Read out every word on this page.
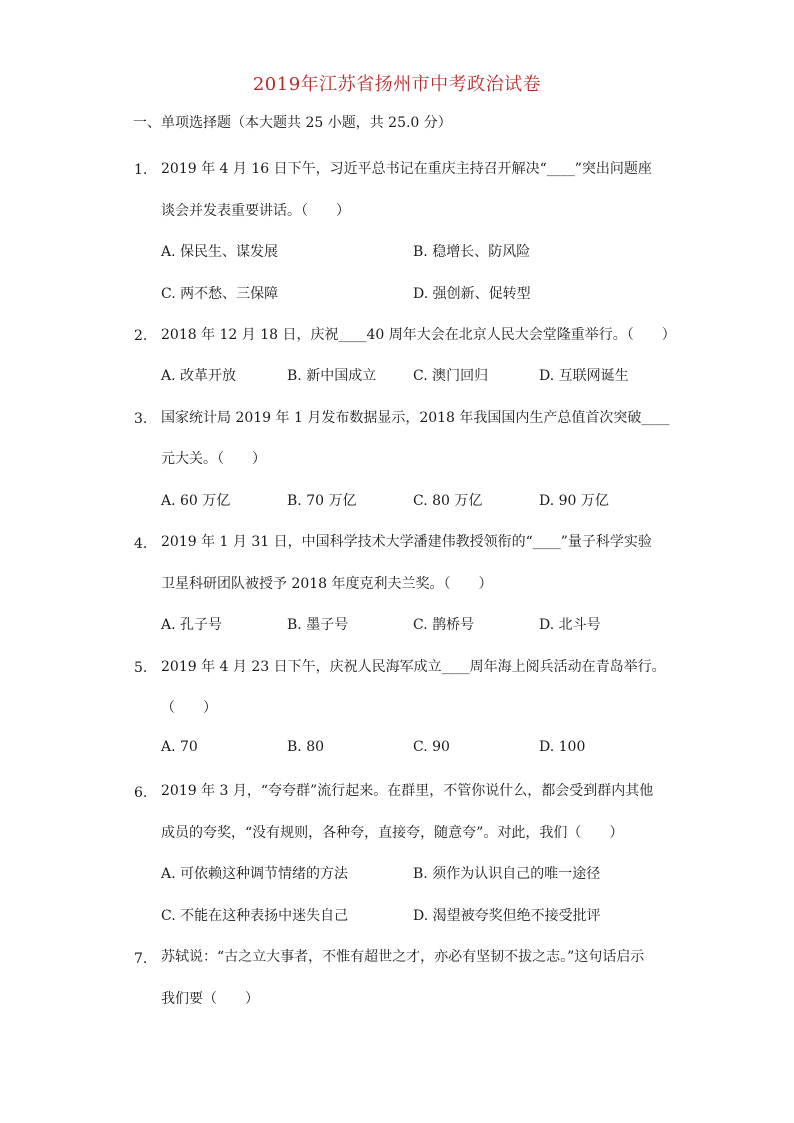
2019年江苏省扬州市中考政治试卷
一、单项选择题（本大题共 25 小题，共 25.0 分）
1. 2019 年 4 月 16 日下午，习近平总书记在重庆主持召开解决“____”突出问题座
谈会并发表重要讲话。（　　）
A. 保民生、谋发展	B. 稳增长、防风险
C. 两不愁、三保障	D. 强创新、促转型
2. 2018 年 12 月 18 日，庆祝____40 周年大会在北京人民大会堂隆重举行。（　　）
A. 改革开放	B. 新中国成立	C. 澳门回归	D. 互联网诞生
3. 国家统计局 2019 年 1 月发布数据显示，2018 年我国国内生产总值首次突破____
元大关。（　　）
A. 60 万亿	B. 70 万亿	C. 80 万亿	D. 90 万亿
4. 2019 年 1 月 31 日，中国科学技术大学潘建伟教授领衔的“____”量子科学实验
卫星科研团队被授予 2018 年度克利夫兰奖。（　　）
A. 孔子号	B. 墨子号	C. 鹊桥号	D. 北斗号
5. 2019 年 4 月 23 日下午，庆祝人民海军成立____周年海上阅兵活动在青岛举行。
（　　）
A. 70	B. 80	C. 90	D. 100
6. 2019 年 3 月，“夸夸群”流行起来。在群里，不管你说什么，都会受到群内其他
成员的夸奖，“没有规则，各种夸，直接夸，随意夸”。对此，我们（　　）
A. 可依赖这种调节情绪的方法	B. 须作为认识自己的唯一途径
C. 不能在这种表扬中迷失自己	D. 渴望被夸奖但绝不接受批评
7. 苏轼说：“古之立大事者，不惟有超世之才，亦必有坚韧不拔之志。”这句话启示
我们要（　　）
